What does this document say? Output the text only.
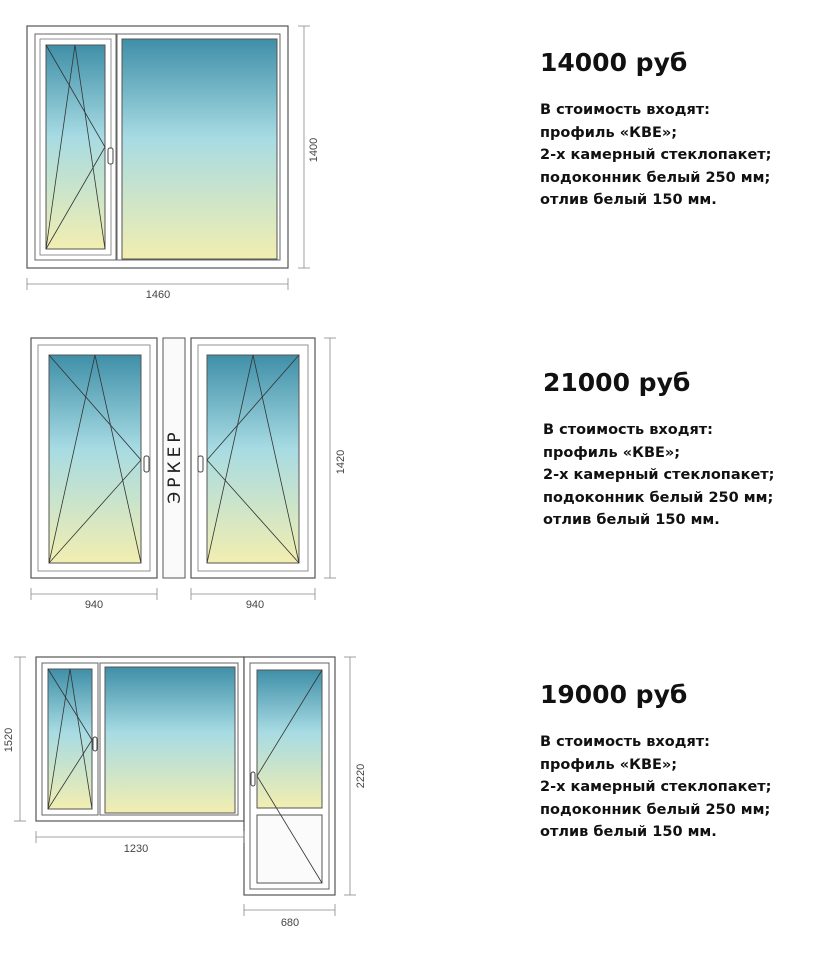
1460
1400
ЭРКЕР
940	940
1420
1230
1520
680
2220
14000 руб
В стоимость входят:
профиль «КВЕ»;
2-х камерный стеклопакет;
подоконник белый 250 мм;
отлив белый 150 мм.
21000 руб
В стоимость входят:
профиль «КВЕ»;
2-х камерный стеклопакет;
подоконник белый 250 мм;
отлив белый 150 мм.
19000 руб
В стоимость входят:
профиль «КВЕ»;
2-х камерный стеклопакет;
подоконник белый 250 мм;
отлив белый 150 мм.
